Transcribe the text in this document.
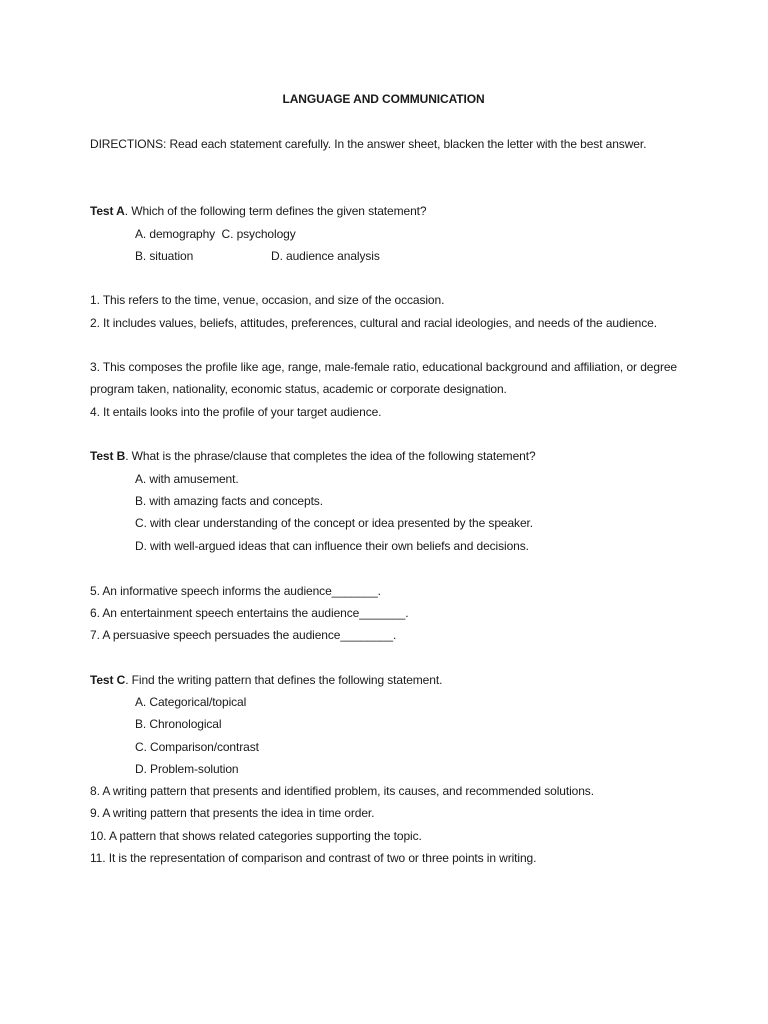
LANGUAGE AND COMMUNICATION

DIRECTIONS: Read each statement carefully. In the answer sheet, blacken the letter with the best answer.

Test A. Which of the following term defines the given statement?

A. demography  C. psychology

B. situation	D. audience analysis

1. This refers to the time, venue, occasion, and size of the occasion.

2. It includes values, beliefs, attitudes, preferences, cultural and racial ideologies, and needs of the audience.

3. This composes the profile like age, range, male-female ratio, educational background and affiliation, or degree program taken, nationality, economic status, academic or corporate designation.

4. It entails looks into the profile of your target audience.

Test B. What is the phrase/clause that completes the idea of the following statement?

A. with amusement.

B. with amazing facts and concepts.

C. with clear understanding of the concept or idea presented by the speaker.

D. with well-argued ideas that can influence their own beliefs and decisions.

5. An informative speech informs the audience_______.

6. An entertainment speech entertains the audience_______.

7. A persuasive speech persuades the audience________.

Test C. Find the writing pattern that defines the following statement.

A. Categorical/topical

B. Chronological

C. Comparison/contrast

D. Problem-solution

8. A writing pattern that presents and identified problem, its causes, and recommended solutions.

9. A writing pattern that presents the idea in time order.

10. A pattern that shows related categories supporting the topic.

11. It is the representation of comparison and contrast of two or three points in writing.
